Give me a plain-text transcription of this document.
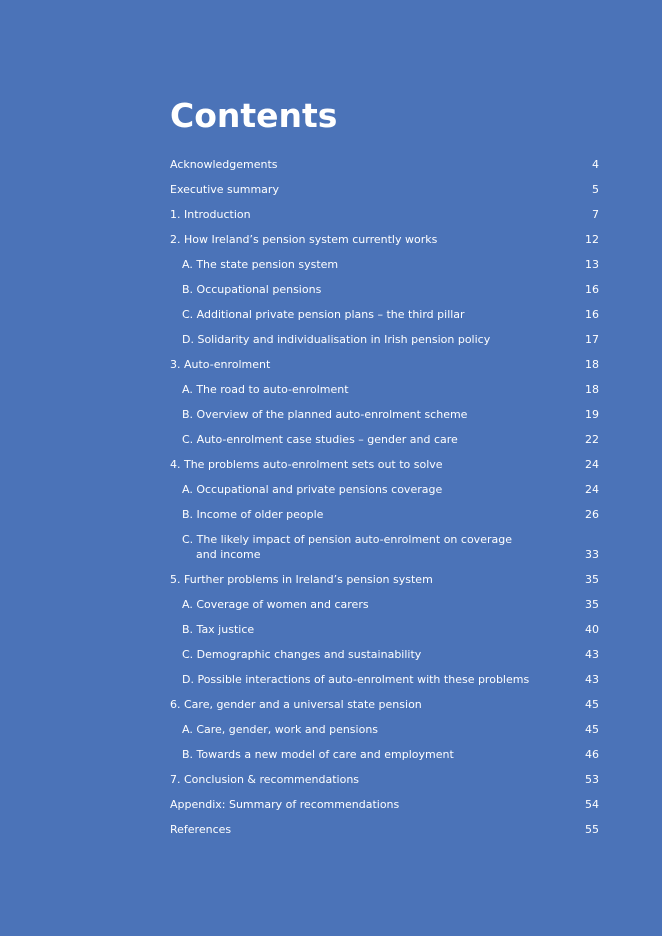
Contents
Acknowledgements	4
Executive summary	5
1. Introduction	7
2. How Ireland’s pension system currently works	12
A. The state pension system	13
B. Occupational pensions	16
C. Additional private pension plans – the third pillar	16
D. Solidarity and individualisation in Irish pension policy	17
3. Auto-enrolment	18
A. The road to auto-enrolment	18
B. Overview of the planned auto-enrolment scheme	19
C. Auto-enrolment case studies – gender and care	22
4. The problems auto-enrolment sets out to solve	24
A. Occupational and private pensions coverage	24
B. Income of older people	26
C. The likely impact of pension auto-enrolment on coverage
and income	33
5. Further problems in Ireland’s pension system	35
A. Coverage of women and carers	35
B. Tax justice	40
C. Demographic changes and sustainability	43
D. Possible interactions of auto-enrolment with these problems	43
6. Care, gender and a universal state pension	45
A. Care, gender, work and pensions	45
B. Towards a new model of care and employment	46
7. Conclusion & recommendations	53
Appendix: Summary of recommendations	54
References	55
